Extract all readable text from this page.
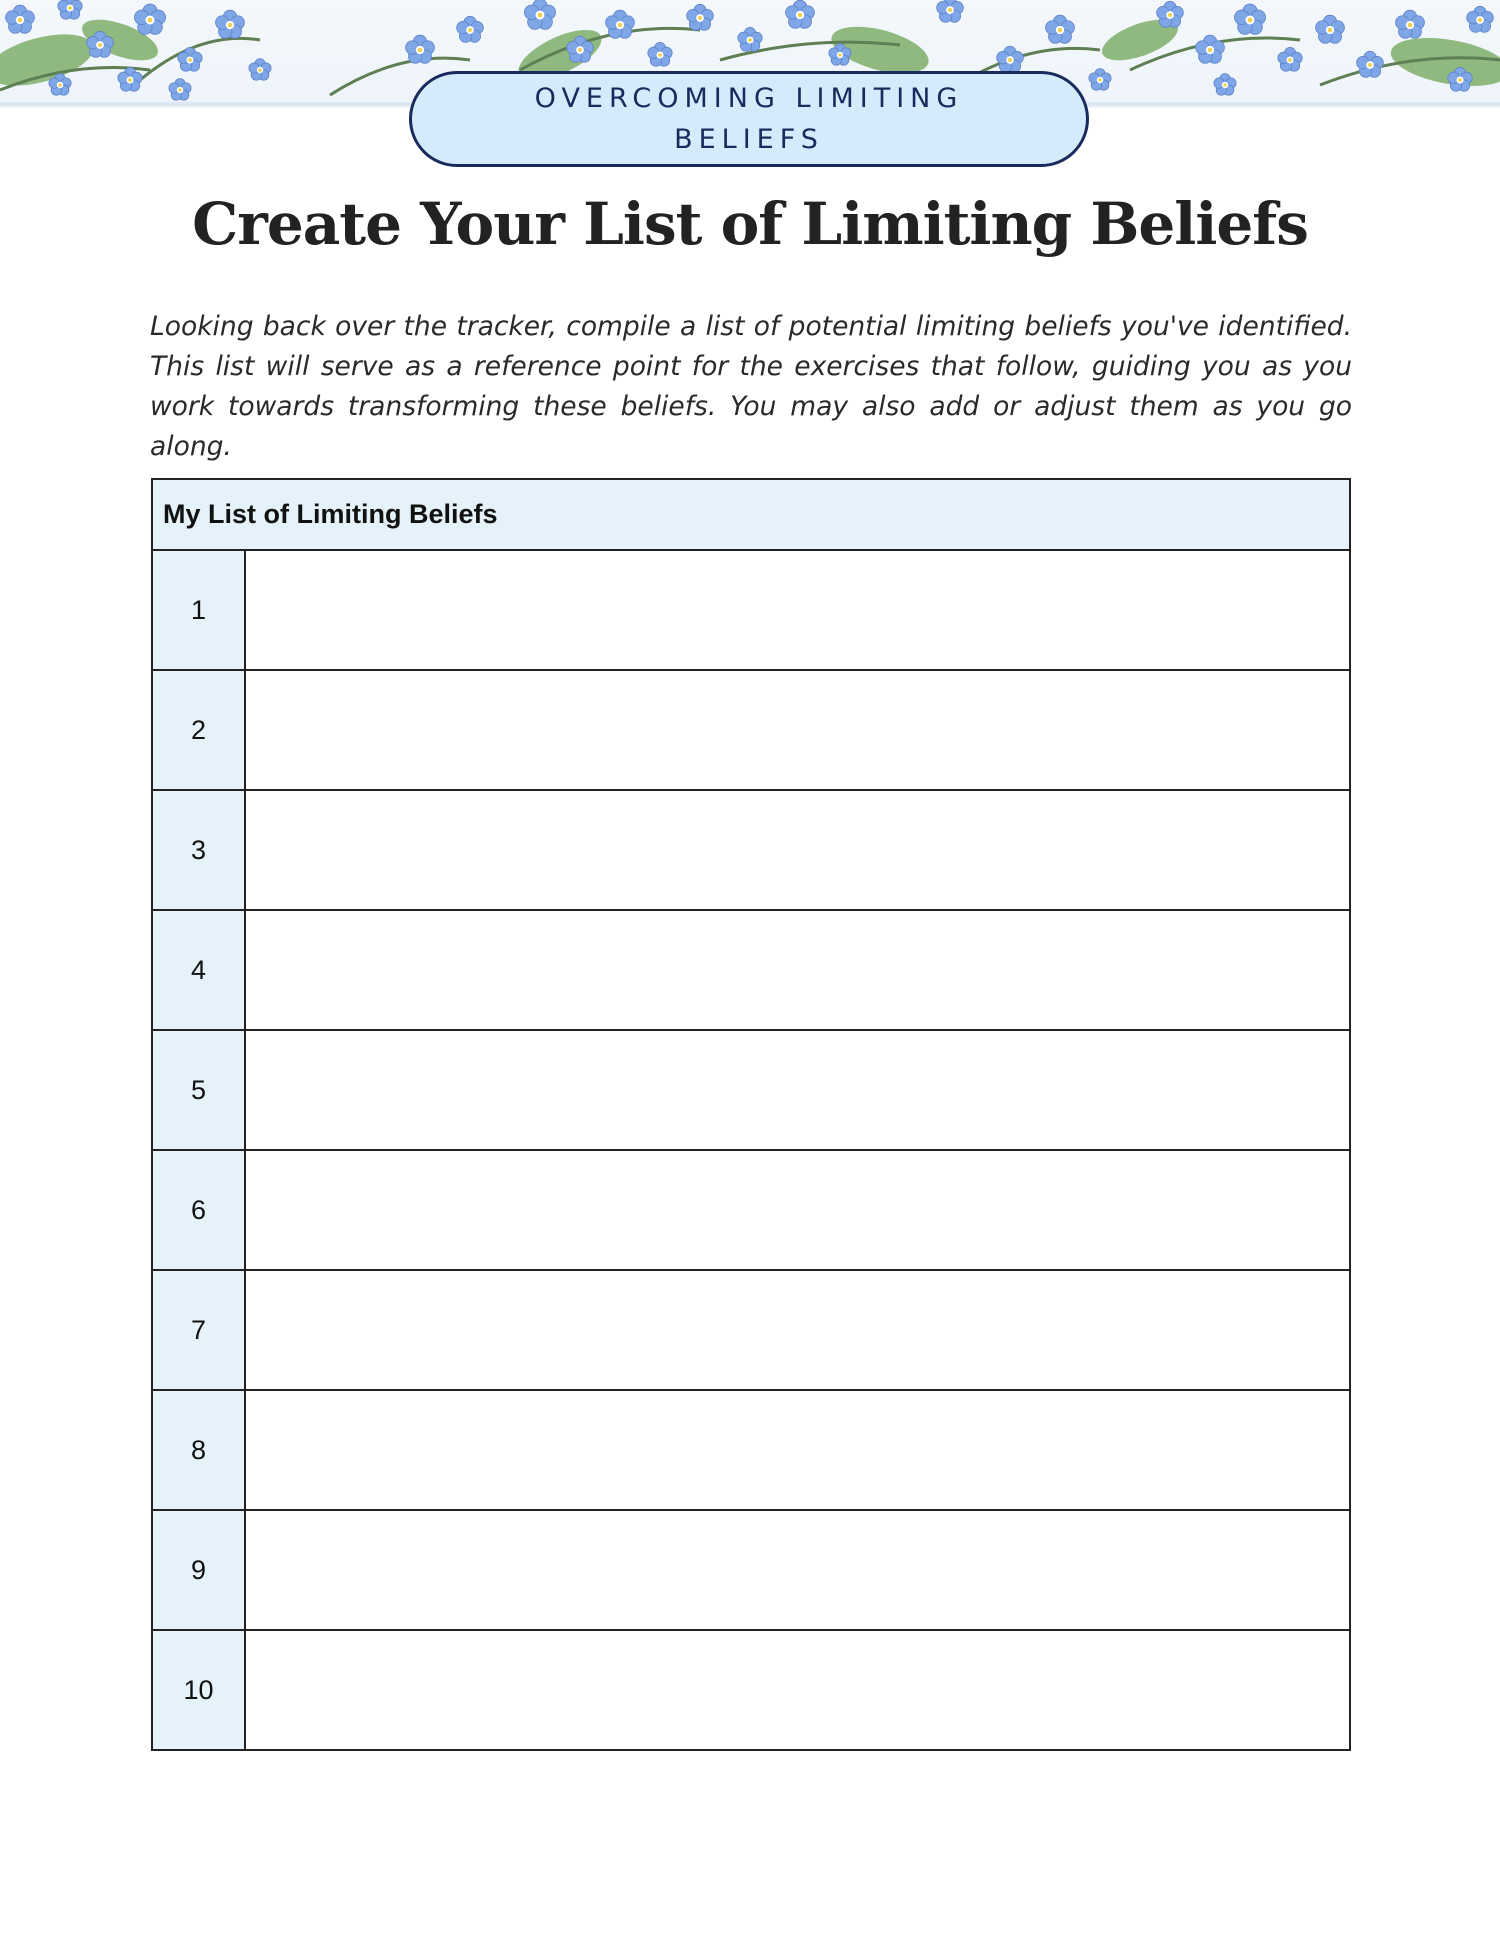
OVERCOMING LIMITING BELIEFS
Create Your List of Limiting Beliefs

Looking back over the tracker, compile a list of potential limiting beliefs you've identified. This list will serve as a reference point for the exercises that follow, guiding you as you work towards transforming these beliefs. You may also add or adjust them as you go along.

My List of Limiting Beliefs
1
2
3
4
5
6
7
8
9
10
